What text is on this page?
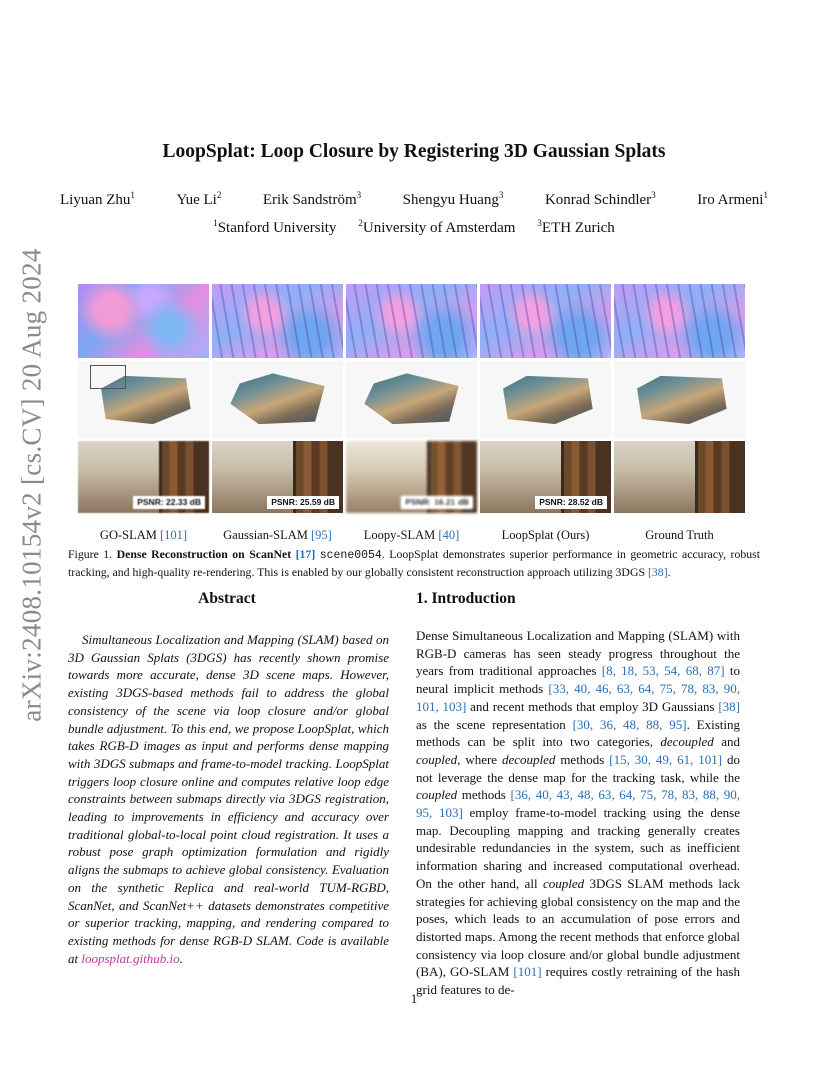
arXiv:2408.10154v2 [cs.CV] 20 Aug 2024
LoopSplat: Loop Closure by Registering 3D Gaussian Splats
Liyuan Zhu$^1$	Yue Li$^2$	Erik Sandström$^3$	Shengyu Huang$^3$	Konrad Schindler$^3$	Iro Armeni$^1$
$^1$Stanford University $^2$University of Amsterdam $^3$ETH Zurich
PSNR: 22.33 dB	PSNR: 25.59 dB	PSNR: 16.21 dB	PSNR: 28.52 dB
GO-SLAM [101]	Gaussian-SLAM [95]	Loopy-SLAM [40]	LoopSplat (Ours)	Ground Truth
Figure 1. Dense Reconstruction on ScanNet [17] scene0054. LoopSplat demonstrates superior performance in geometric accuracy, robust tracking, and high-quality re-rendering. This is enabled by our globally consistent reconstruction approach utilizing 3DGS [38].
Abstract	1. Introduction
Simultaneous Localization and Mapping (SLAM) based on 3D Gaussian Splats (3DGS) has recently shown promise towards more accurate, dense 3D scene maps. However, existing 3DGS-based methods fail to address the global consistency of the scene via loop closure and/or global bundle adjustment. To this end, we propose LoopSplat, which takes RGB-D images as input and performs dense mapping with 3DGS submaps and frame-to-model tracking. LoopSplat triggers loop closure online and computes relative loop edge constraints between submaps directly via 3DGS registration, leading to improvements in efficiency and accuracy over traditional global-to-local point cloud registration. It uses a robust pose graph optimization formulation and rigidly aligns the submaps to achieve global consistency. Evaluation on the synthetic Replica and real-world TUM-RGBD, ScanNet, and ScanNet++ datasets demonstrates competitive or superior tracking, mapping, and rendering compared to existing methods for dense RGB-D SLAM. Code is available at loopsplat.github.io.
Dense Simultaneous Localization and Mapping (SLAM) with RGB-D cameras has seen steady progress throughout the years from traditional approaches [8, 18, 53, 54, 68, 87] to neural implicit methods [33, 40, 46, 63, 64, 75, 78, 83, 90, 101, 103] and recent methods that employ 3D Gaussians [38] as the scene representation [30, 36, 48, 88, 95]. Existing methods can be split into two categories, decoupled and coupled, where decoupled methods [15, 30, 49, 61, 101] do not leverage the dense map for the tracking task, while the coupled methods [36, 40, 43, 48, 63, 64, 75, 78, 83, 88, 90, 95, 103] employ frame-to-model tracking using the dense map. Decoupling mapping and tracking generally creates undesirable redundancies in the system, such as inefficient information sharing and increased computational overhead. On the other hand, all coupled 3DGS SLAM methods lack strategies for achieving global consistency on the map and the poses, which leads to an accumulation of pose errors and distorted maps. Among the recent methods that enforce global consistency via loop closure and/or global bundle adjustment (BA), GO-SLAM [101] requires costly retraining of the hash grid features to de-
1
